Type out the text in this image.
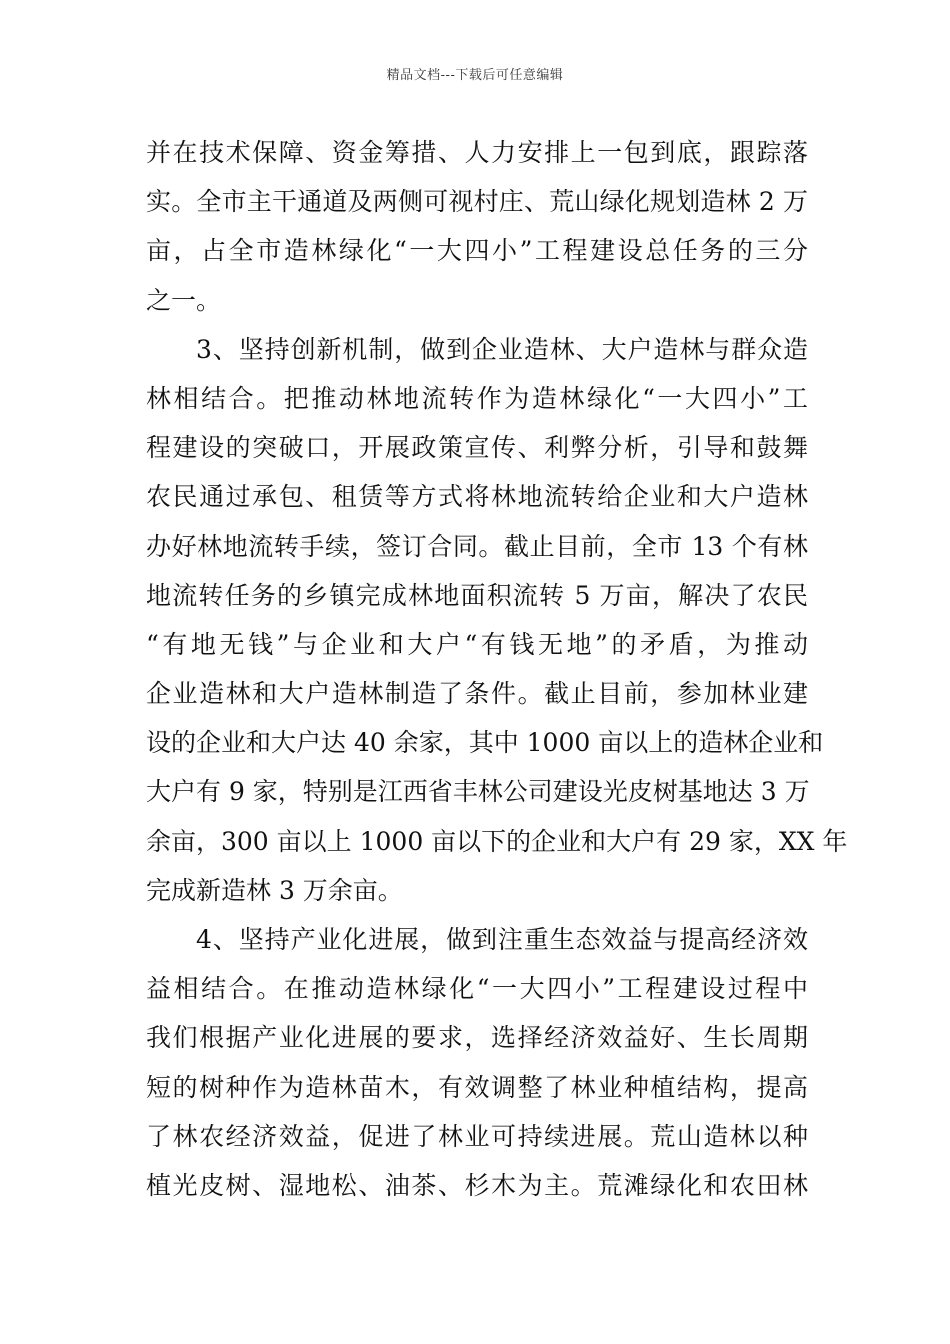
精品文档---下载后可任意编辑
并在技术保障、资金筹措、人力安排上一包到底，跟踪落
实。全市主干通道及两侧可视村庄、荒山绿化规划造林 2 万
亩，占全市造林绿化“一大四小”工程建设总任务的三分
之一。
3、坚持创新机制，做到企业造林、大户造林与群众造
林相结合。把推动林地流转作为造林绿化“一大四小”工
程建设的突破口，开展政策宣传、利弊分析，引导和鼓舞
农民通过承包、租赁等方式将林地流转给企业和大户造林
办好林地流转手续，签订合同。截止目前，全市 13 个有林
地流转任务的乡镇完成林地面积流转 5 万亩，解决了农民
“有地无钱”与企业和大户“有钱无地”的矛盾，为推动
企业造林和大户造林制造了条件。截止目前，参加林业建
设的企业和大户达 40 余家，其中 1000 亩以上的造林企业和
大户有 9 家，特别是江西省丰林公司建设光皮树基地达 3 万
余亩，300 亩以上 1000 亩以下的企业和大户有 29 家，XX 年
完成新造林 3 万余亩。
4、坚持产业化进展，做到注重生态效益与提高经济效
益相结合。在推动造林绿化“一大四小”工程建设过程中
我们根据产业化进展的要求，选择经济效益好、生长周期
短的树种作为造林苗木，有效调整了林业种植结构，提高
了林农经济效益，促进了林业可持续进展。荒山造林以种
植光皮树、湿地松、油茶、杉木为主。荒滩绿化和农田林
